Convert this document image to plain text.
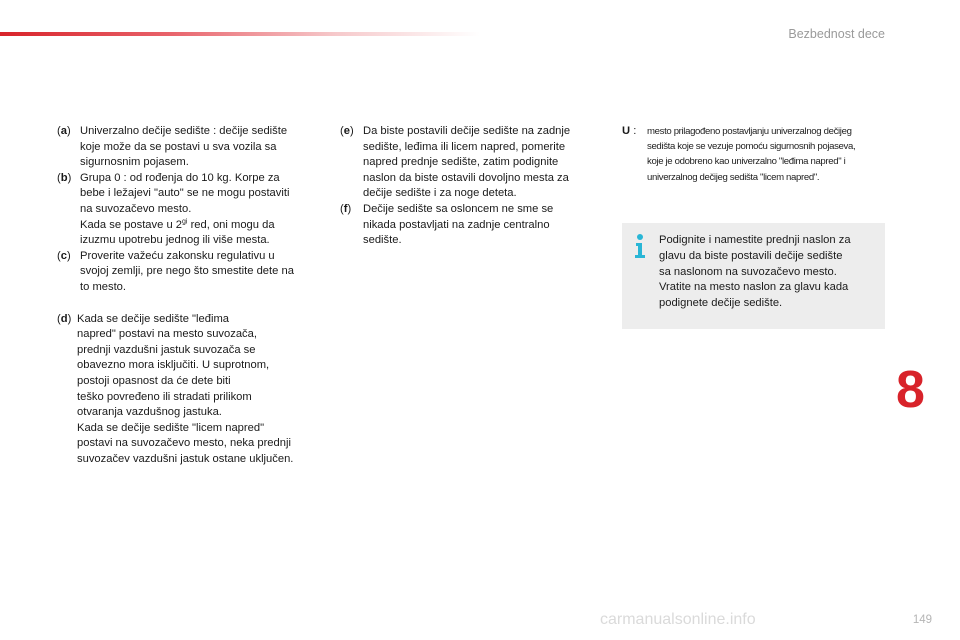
Bezbednost dece
(a) Univerzalno dečije sedište : dečije sedište
koje može da se postavi u sva vozila sa
sigurnosnim pojasem.
(b) Grupa 0 : od rođenja do 10 kg. Korpe za
bebe i ležajevi "auto" se ne mogu postaviti
na suvozačevo mesto.
Kada se postave u $2^{gi}$ red, oni mogu da
izuzmu upotrebu jednog ili više mesta.
(c) Proverite važeću zakonsku regulativu u
svojoj zemlji, pre nego što smestite dete na
to mesto.
(d) Kada se dečije sedište "leđima
napred" postavi na mesto suvozača,
prednji vazdušni jastuk suvozača se
obavezno mora isključiti. U suprotnom,
postoji opasnost da će dete biti
teško povređeno ili stradati prilikom
otvaranja vazdušnog jastuka.
Kada se dečije sedište "licem napred"
postavi na suvozačevo mesto, neka prednji
suvozačev vazdušni jastuk ostane uključen.
(e) Da biste postavili dečije sedište na zadnje
sedište, leđima ili licem napred, pomerite
napred prednje sedište, zatim podignite
naslon da biste ostavili dovoljno mesta za
dečije sedište i za noge deteta.
(f)	Dečije sedište sa osloncem ne sme se
nikada postavljati na zadnje centralno
sedište.
U :	mesto prilagođeno postavljanju univerzalnog dečijeg
sedišta koje se vezuje pomoću sigurnosnih pojaseva,
koje je odobreno kao univerzalno "leđima napred" i
univerzalnog dečijeg sedišta "licem napred".
Podignite i namestite prednji naslon za
glavu da biste postavili dečije sedište
sa naslonom na suvozačevo mesto.
Vratite na mesto naslon za glavu kada
podignete dečije sedište.
8
carmanualsonline.info	149
